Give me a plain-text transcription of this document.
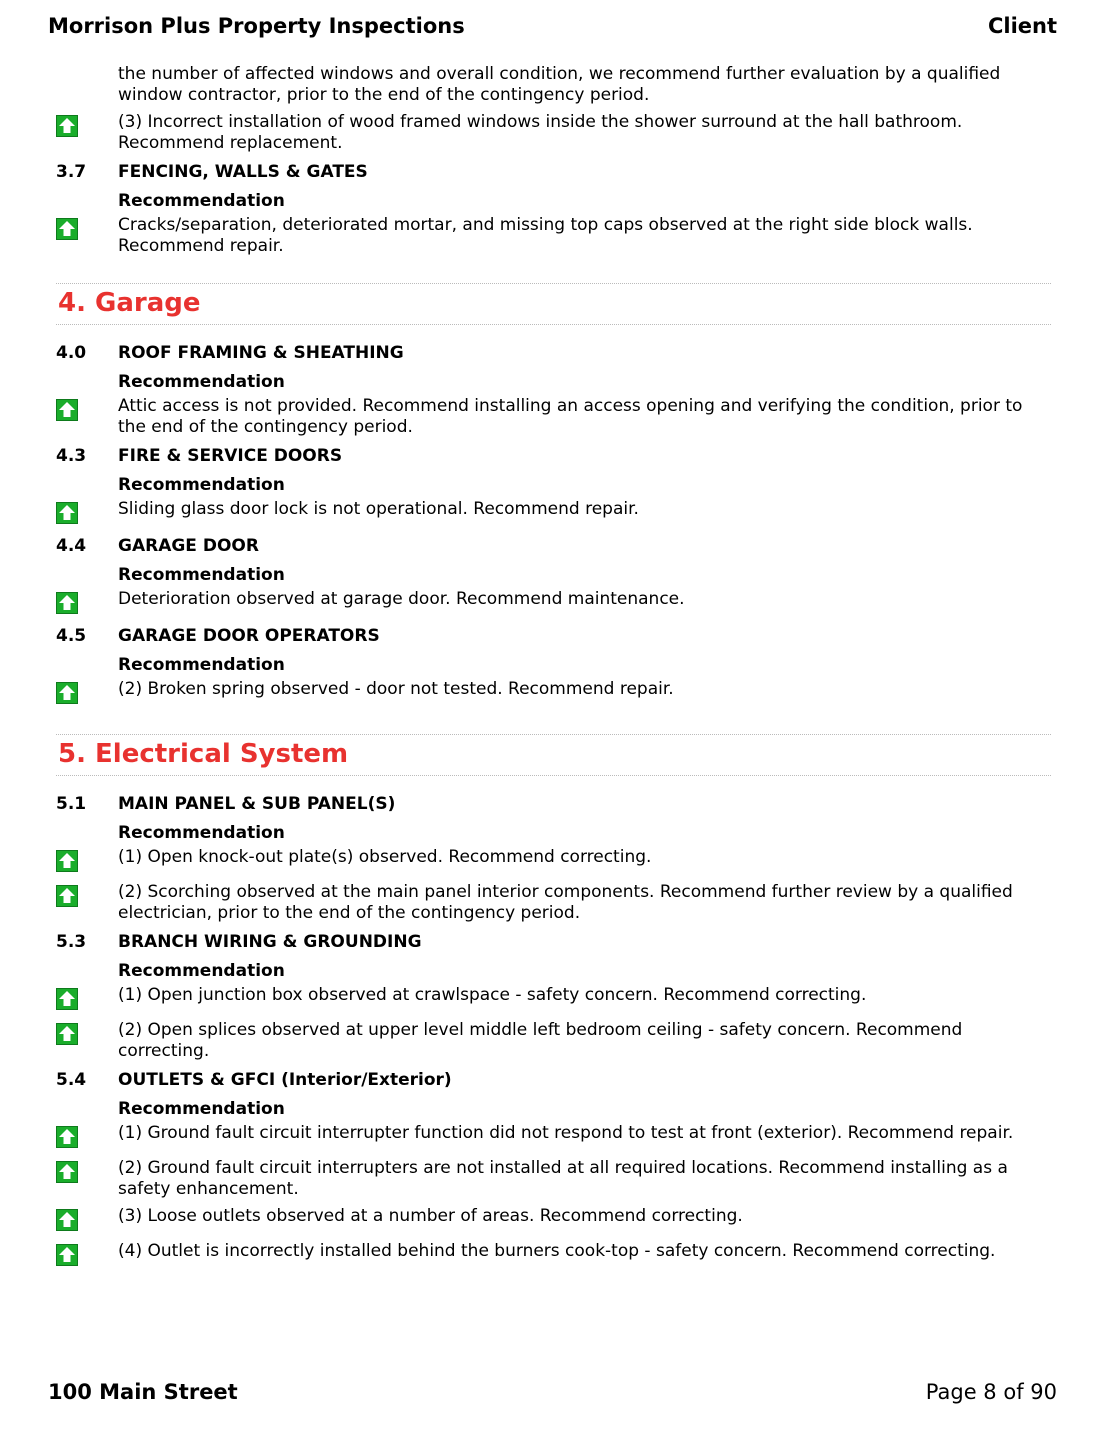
Morrison Plus Property Inspections	Client
the number of affected windows and overall condition, we recommend further evaluation by a qualified window contractor, prior to the end of the contingency period.
(3) Incorrect installation of wood framed windows inside the shower surround at the hall bathroom. Recommend replacement.
3.7	FENCING, WALLS & GATES
Recommendation
Cracks/separation, deteriorated mortar, and missing top caps observed at the right side block walls. Recommend repair.
4. Garage
4.0	ROOF FRAMING & SHEATHING
Recommendation
Attic access is not provided. Recommend installing an access opening and verifying the condition, prior to the end of the contingency period.
4.3	FIRE & SERVICE DOORS
Recommendation
Sliding glass door lock is not operational. Recommend repair.
4.4	GARAGE DOOR
Recommendation
Deterioration observed at garage door. Recommend maintenance.
4.5	GARAGE DOOR OPERATORS
Recommendation
(2) Broken spring observed - door not tested. Recommend repair.
5. Electrical System
5.1	MAIN PANEL & SUB PANEL(S)
Recommendation
(1) Open knock-out plate(s) observed. Recommend correcting.
(2) Scorching observed at the main panel interior components. Recommend further review by a qualified electrician, prior to the end of the contingency period.
5.3	BRANCH WIRING & GROUNDING
Recommendation
(1) Open junction box observed at crawlspace - safety concern. Recommend correcting.
(2) Open splices observed at upper level middle left bedroom ceiling - safety concern. Recommend correcting.
5.4	OUTLETS & GFCI (Interior/Exterior)
Recommendation
(1) Ground fault circuit interrupter function did not respond to test at front (exterior). Recommend repair.
(2) Ground fault circuit interrupters are not installed at all required locations. Recommend installing as a safety enhancement.
(3) Loose outlets observed at a number of areas. Recommend correcting.
(4) Outlet is incorrectly installed behind the burners cook-top - safety concern. Recommend correcting.
100 Main Street	Page 8 of 90
